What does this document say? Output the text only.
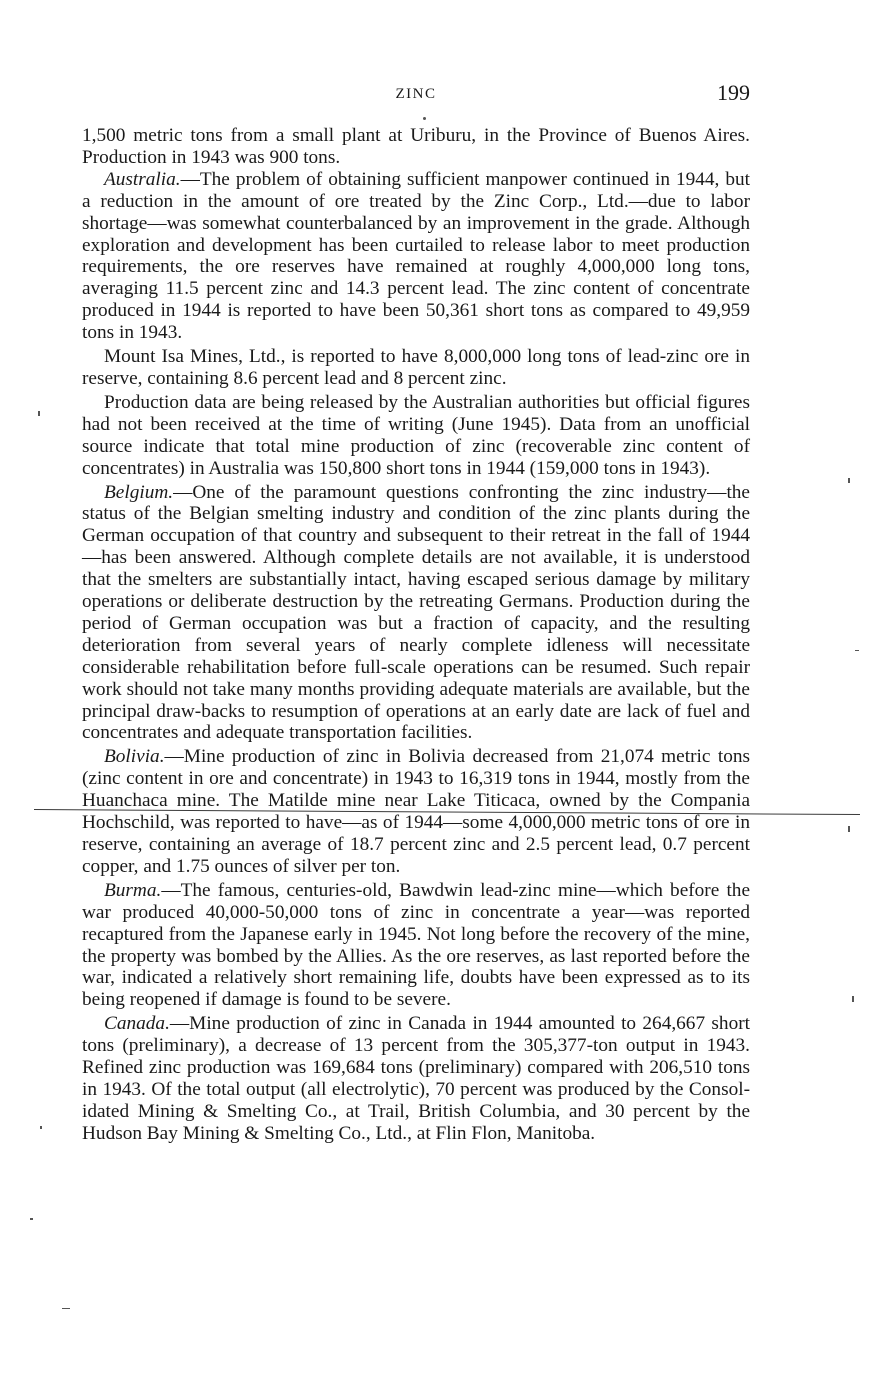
ZINC	199

1,500 metric tons from a small plant at Uriburu, in the Province of Buenos Aires. Production in 1943 was 900 tons.

Australia.—The problem of obtaining sufficient manpower continued in 1944, but a reduction in the amount of ore treated by the Zinc Corp., Ltd.—due to labor shortage—was somewhat counterbalanced by an improvement in the grade. Although exploration and development has been curtailed to release labor to meet production requirements, the ore reserves have remained at roughly 4,000,000 long tons, averaging 11.5 percent zinc and 14.3 percent lead. The zinc content of concentrate produced in 1944 is reported to have been 50,361 short tons as compared to 49,959 tons in 1943.

Mount Isa Mines, Ltd., is reported to have 8,000,000 long tons of lead-zinc ore in reserve, containing 8.6 percent lead and 8 percent zinc.

Production data are being released by the Australian authorities but official figures had not been received at the time of writing (June 1945). Data from an unofficial source indicate that total mine production of zinc (recoverable zinc content of concentrates) in Australia was 150,800 short tons in 1944 (159,000 tons in 1943).

Belgium.—One of the paramount questions confronting the zinc industry—the status of the Belgian smelting industry and condition of the zinc plants during the German occupation of that country and subsequent to their retreat in the fall of 1944—has been answered. Although complete details are not available, it is understood that the smelters are substantially intact, having escaped serious damage by military operations or deliberate destruction by the retreating Germans. Production during the period of German occupation was but a fraction of capacity, and the resulting deterioration from several years of nearly complete idleness will necessitate considerable rehabilitation before full-scale operations can be resumed. Such repair work should not take many months providing adequate materials are available, but the principal draw-backs to resumption of operations at an early date are lack of fuel and concentrates and adequate transportation facilities.

Bolivia.—Mine production of zinc in Bolivia decreased from 21,074 metric tons (zinc content in ore and concentrate) in 1943 to 16,319 tons in 1944, mostly from the Huanchaca mine. The Matilde mine near Lake Titicaca, owned by the Compania Hochschild, was reported to have—as of 1944—some 4,000,000 metric tons of ore in reserve, containing an average of 18.7 percent zinc and 2.5 percent lead, 0.7 percent copper, and 1.75 ounces of silver per ton.

Burma.—The famous, centuries-old, Bawdwin lead-zinc mine—which before the war produced 40,000-50,000 tons of zinc in concentrate a year—was reported recaptured from the Japanese early in 1945. Not long before the recovery of the mine, the property was bombed by the Allies. As the ore reserves, as last reported before the war, indicated a relatively short remaining life, doubts have been expressed as to its being reopened if damage is found to be severe.

Canada.—Mine production of zinc in Canada in 1944 amounted to 264,667 short tons (preliminary), a decrease of 13 percent from the 305,377-ton output in 1943. Refined zinc production was 169,684 tons (preliminary) compared with 206,510 tons in 1943. Of the total output (all electrolytic), 70 percent was produced by the Consolidated Mining & Smelting Co., at Trail, British Columbia, and 30 percent by the Hudson Bay Mining & Smelting Co., Ltd., at Flin Flon, Manitoba.
